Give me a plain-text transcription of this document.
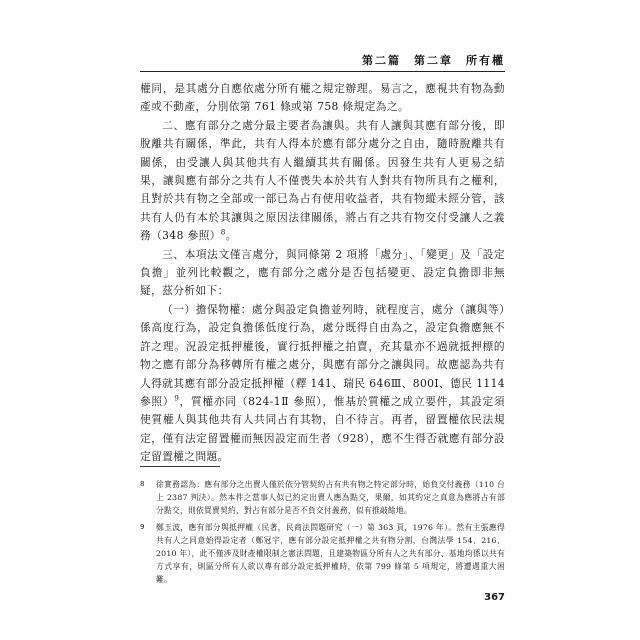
第二篇　第二章　所有權

權同，是其處分自應依處分所有權之規定辦理。易言之，應視共有物為動產或不動產，分別依第 761 條或第 758 條規定為之。

二、應有部分之處分最主要者為讓與。共有人讓與其應有部分後，即脫離共有關係，準此，共有人得本於應有部分處分之自由，隨時脫離共有關係，由受讓人與其他共有人繼續其共有關係。因發生共有人更易之結果，讓與應有部分之共有人不僅喪失本於共有人對共有物所具有之權利，且對於共有物之全部或一部已為占有使用收益者，共有物縱未經分管，該共有人仍有本於其讓與之原因法律關係，將占有之共有物交付受讓人之義務（348 參照）$^8$。

三、本項法文僅言處分，與同條第 2 項將「處分」、「變更」及「設定負擔」並列比較觀之，應有部分之處分是否包括變更、設定負擔即非無疑，茲分析如下：

（一）擔保物權：處分與設定負擔並列時，就程度言，處分（讓與等）係高度行為，設定負擔係低度行為，處分既得自由為之，設定負擔應無不許之理。況設定抵押權後，實行抵押權之拍賣，充其量亦不過就抵押標的物之應有部分為移轉所有權之處分，與應有部分之讓與同。故應認為共有人得就其應有部分設定抵押權（釋 141、瑞民 646Ⅲ、800Ⅰ、德民 1114 參照）$^9$，質權亦同（824-1Ⅱ 參照），惟基於質權之成立要件，其設定須使質權人與其他共有人共同占有其物，自不待言。再者，留置權依民法規定，僅有法定留置權而無因設定而生者（928），應不生得否就應有部分設定留置權之問題。

8	徐實務認為：應有部分之出賣人僅於依分管契約占有共有物之特定部分時，始負交付義務（110 台上 2387 判決）。然本件之當事人似已約定出賣人應為點交，果爾，如其約定之真意為應將占有部分點交，則依買賣契約，對占有部分是否不負交付義務，似有推敲餘地。
9	鄭玉波，應有部分與抵押權（民著，民商法問題研究（一）第 363 頁，1976 年）。然有主張應得共有人之同意始得設定者（鄭冠宇，應有部分設定抵押權之共有物分割，台灣法學 154、216、2010 年），此不僅涉及財產權限制之憲法問題，且建築物區分所有人之共有部分、基地均係以共有方式享有，則區分所有人欲以專有部分設定抵押權時，依第 799 條第 5 項規定，將遭遇重大困難。
367
